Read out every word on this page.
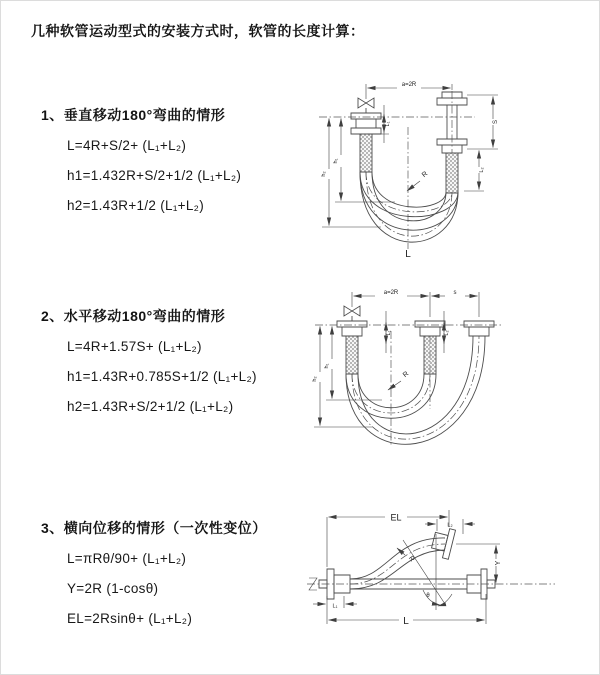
几种软管运动型式的安装方式时，软管的长度计算：
1、垂直移动180°弯曲的情形
L=4R+S/2+ (L₁+L₂)
h1=1.432R+S/2+1/2 (L₁+L₂)
h2=1.43R+1/2 (L₁+L₂)
2、水平移动180°弯曲的情形
L=4R+1.57S+ (L₁+L₂)
h1=1.43R+0.785S+1/2 (L₁+L₂)
h2=1.43R+S/2+1/2 (L₁+L₂)
3、横向位移的情形（一次性变位）
L=πRθ/90+ (L₁+L₂)
Y=2R (1-cosθ)
EL=2Rsinθ+ (L₁+L₂)
a=2R
h₂
h₁
L₁	S
L₂
R
L
a=2R	s
h₂
h₁
L₁	L₂
R
θ
R
EL
L₂
Y
L₁
L
